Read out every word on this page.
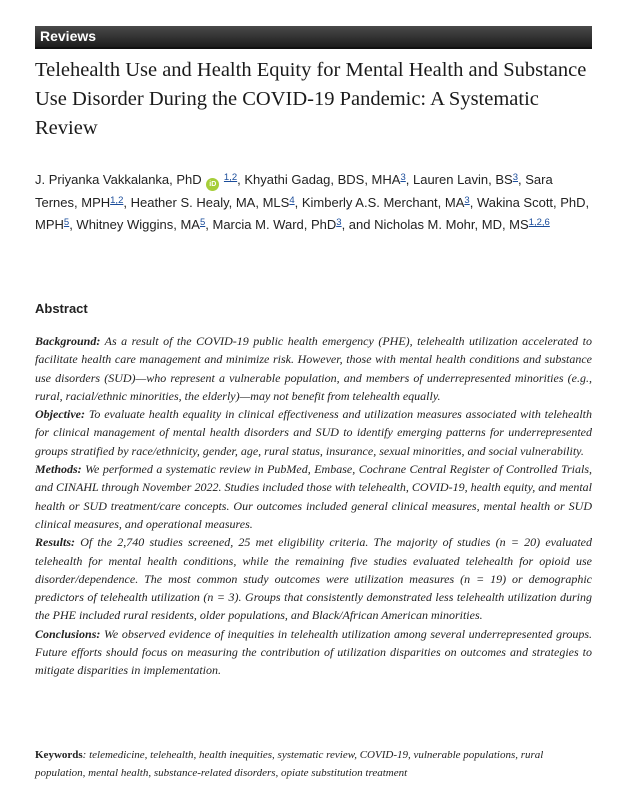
Reviews
Telehealth Use and Health Equity for Mental Health and Substance Use Disorder During the COVID-19 Pandemic: A Systematic Review
J. Priyanka Vakkalanka, PhD iD $^{1,2}$, Khyathi Gadag, BDS, MHA$^3$, Lauren Lavin, BS$^3$, Sara Ternes, MPH$^{1,2}$, Heather S. Healy, MA, MLS$^4$, Kimberly A.S. Merchant, MA$^3$, Wakina Scott, PhD, MPH$^5$, Whitney Wiggins, MA$^5$, Marcia M. Ward, PhD$^3$, and Nicholas M. Mohr, MD, MS$^{1,2,6}$
Abstract

Background: As a result of the COVID-19 public health emergency (PHE), telehealth utilization accelerated to facilitate health care management and minimize risk. However, those with mental health conditions and substance use disorders (SUD)—who represent a vulnerable population, and members of underrepresented minorities (e.g., rural, racial/ethnic minorities, the elderly)—may not benefit from telehealth equally.

Objective: To evaluate health equality in clinical effectiveness and utilization measures associated with telehealth for clinical management of mental health disorders and SUD to identify emerging patterns for underrepresented groups stratified by race/ethnicity, gender, age, rural status, insurance, sexual minorities, and social vulnerability.

Methods: We performed a systematic review in PubMed, Embase, Cochrane Central Register of Controlled Trials, and CINAHL through November 2022. Studies included those with telehealth, COVID-19, health equity, and mental health or SUD treatment/care concepts. Our outcomes included general clinical measures, mental health or SUD clinical measures, and operational measures.

Results: Of the 2,740 studies screened, 25 met eligibility criteria. The majority of studies (n = 20) evaluated telehealth for mental health conditions, while the remaining five studies evaluated telehealth for opioid use disorder/dependence. The most common study outcomes were utilization measures (n = 19) or demographic predictors of telehealth utilization (n = 3). Groups that consistently demonstrated less telehealth utilization during the PHE included rural residents, older populations, and Black/African American minorities.

Conclusions: We observed evidence of inequities in telehealth utilization among several underrepresented groups. Future efforts should focus on measuring the contribution of utilization disparities on outcomes and strategies to mitigate disparities in implementation.

Keywords: telemedicine, telehealth, health inequities, systematic review, COVID-19, vulnerable populations, rural population, mental health, substance-related disorders, opiate substitution treatment
